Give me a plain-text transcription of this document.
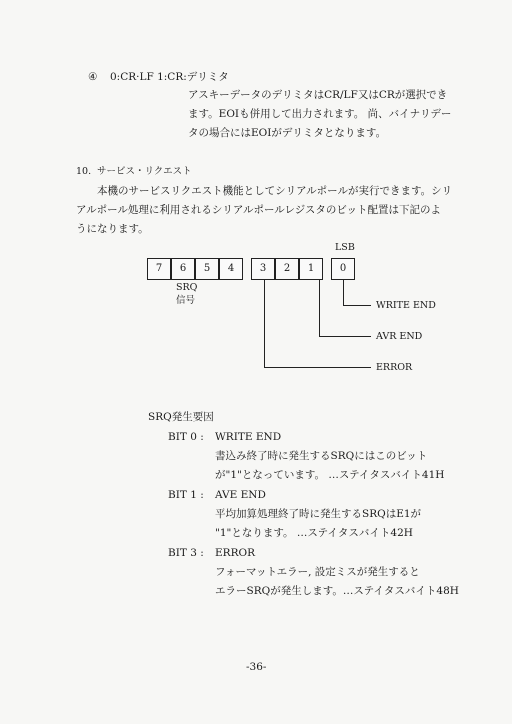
④ 0:CR·LF 1:CR:デリミタ
アスキーデータのデリミタはCR/LF又はCRが選択でき
ます。EOIも併用して出力されます。 尚、バイナリデー
タの場合にはEOIがデリミタとなります。
10. サービス・リクエスト
本機のサービスリクエスト機能としてシリアルポールが実行できます。シリ
アルポール処理に利用されるシリアルポールレジスタのビット配置は下記のよ
うになります。
LSB
7	6	5	4	3	2	1	0
SRQ
信号	WRITE END
AVR END
ERROR
SRQ発生要因
BIT 0 : WRITE END
書込み終了時に発生するSRQにはこのビット
が"1"となっています。 …ステイタスバイト41H
BIT 1 : AVE END
平均加算処理終了時に発生するSRQはE1が
"1"となります。 …ステイタスバイト42H
BIT 3 : ERROR
フォーマットエラー, 設定ミスが発生すると
エラーSRQが発生します。…ステイタスバイト48H
-36-
